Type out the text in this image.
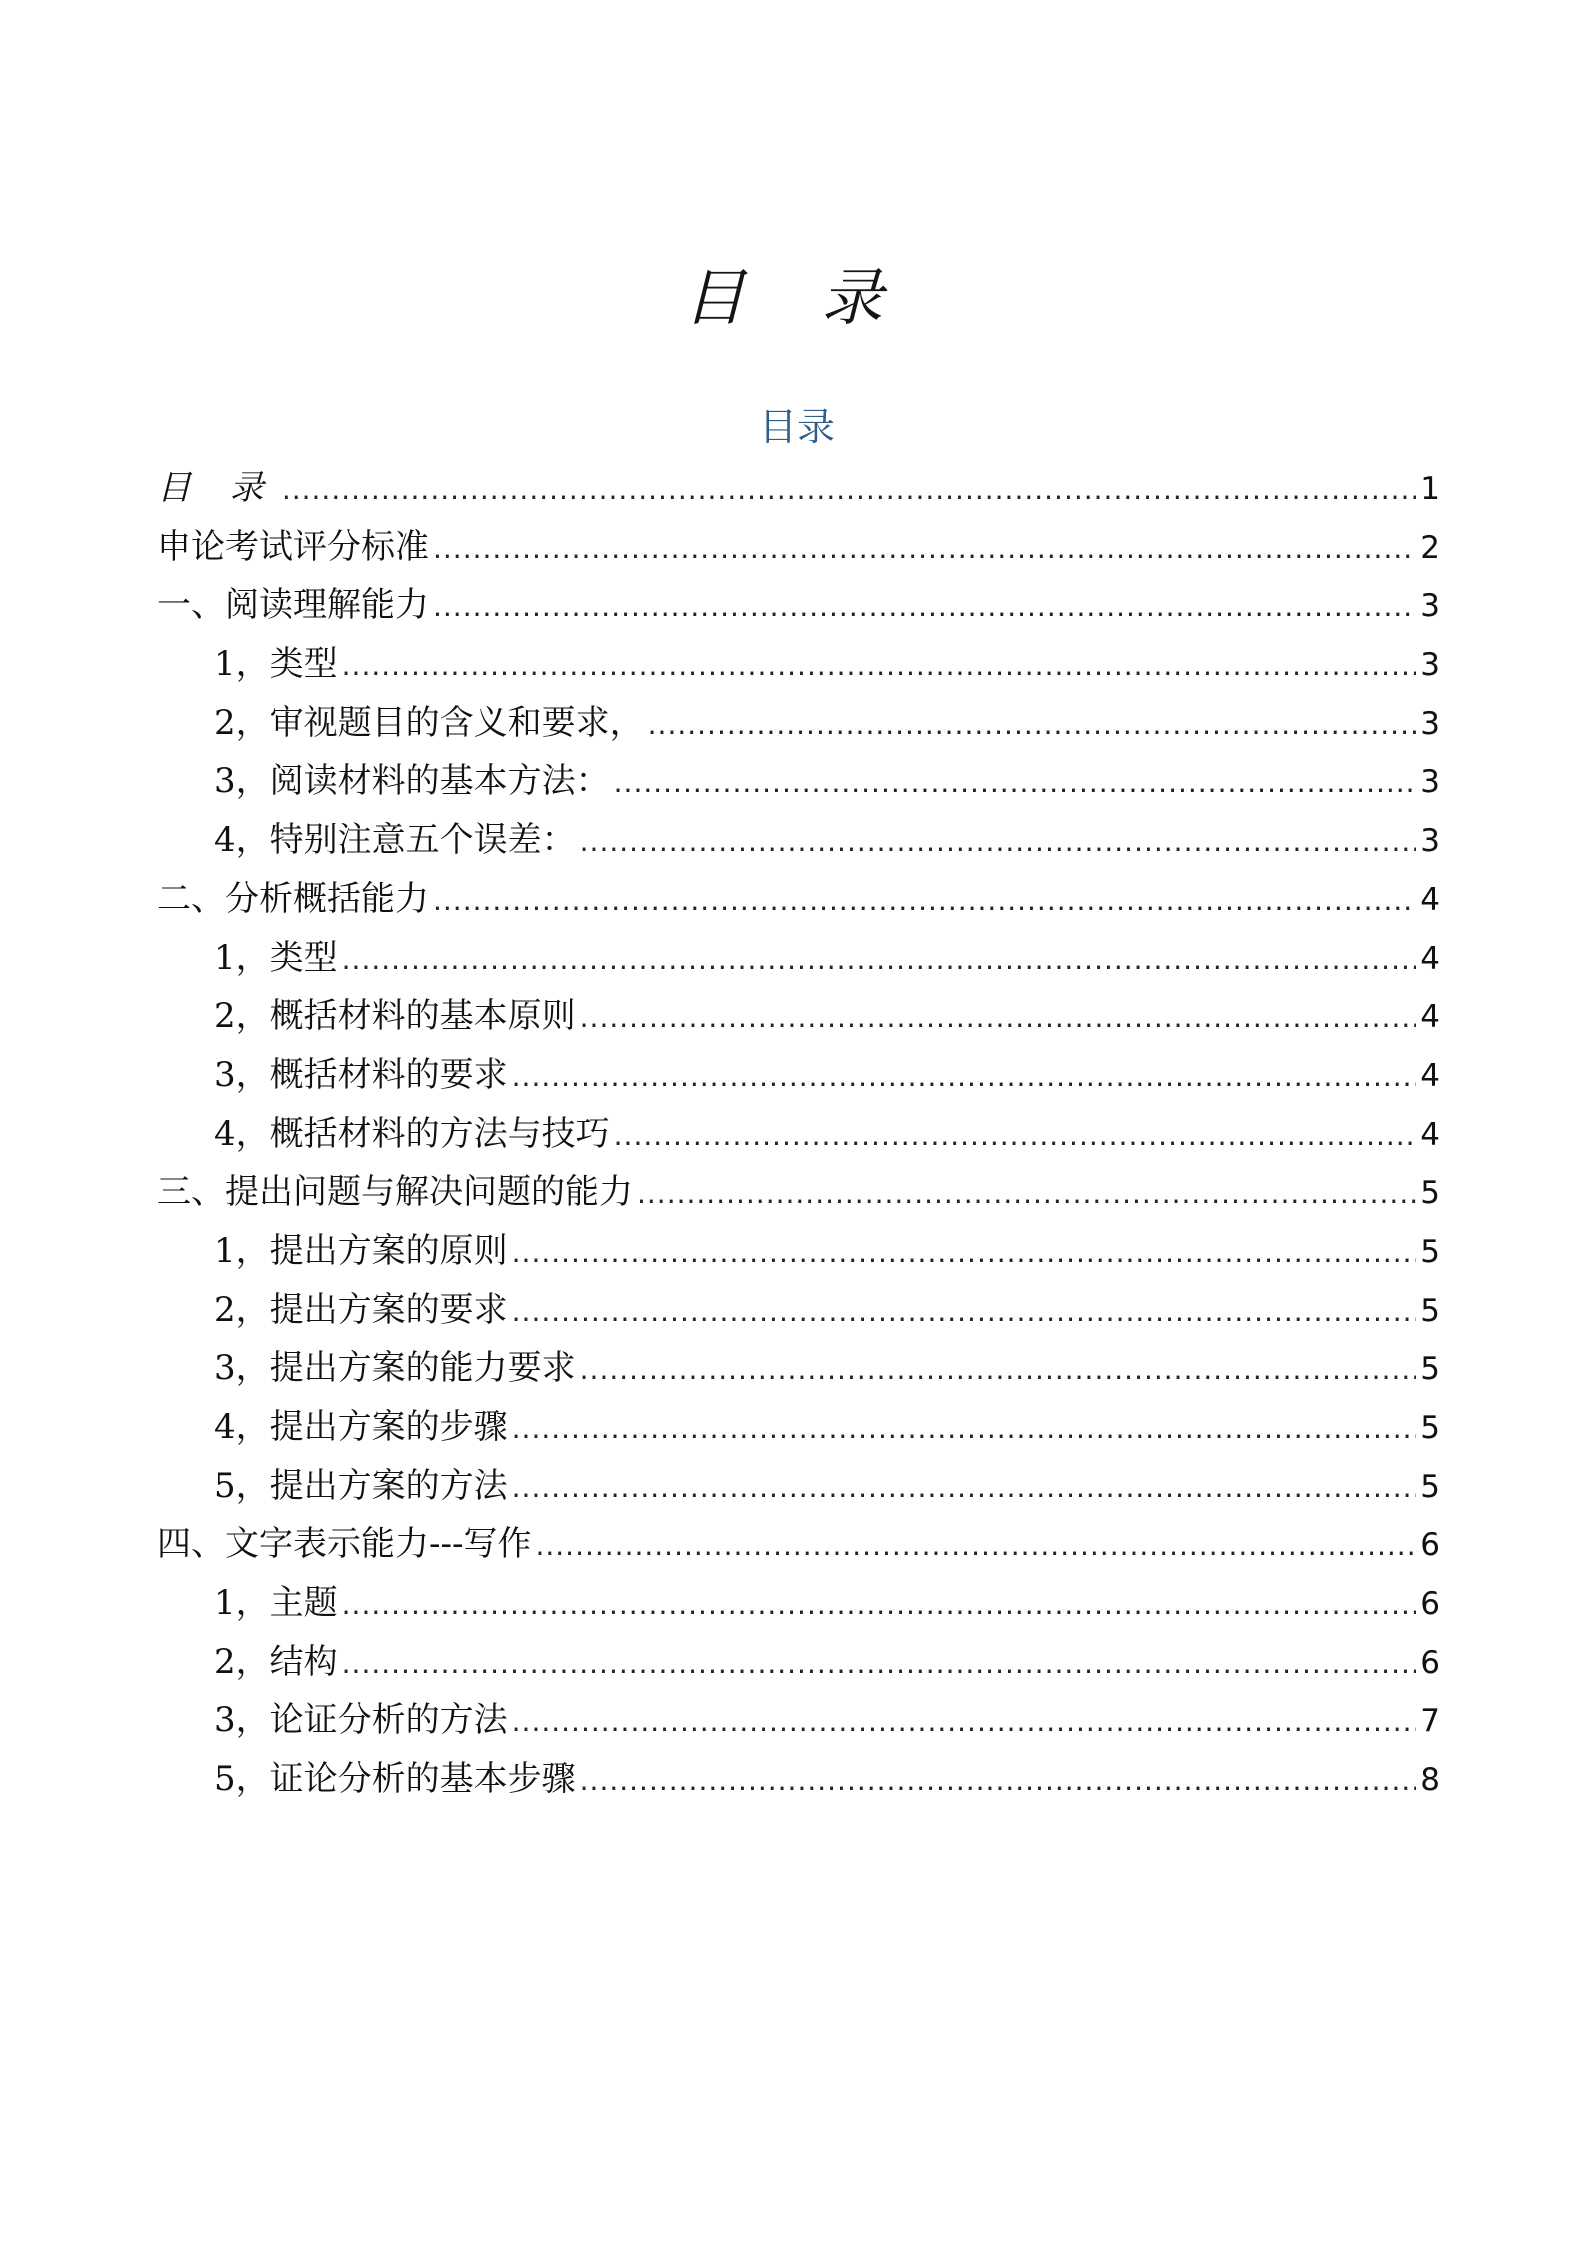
目 录
目录
目 录 .....	1
申论考试评分标准 .....	2
一、阅读理解能力 .....	3
1，类型 .....	3
2，审视题目的含义和要求， .....	3
3，阅读材料的基本方法： .....	3
4，特别注意五个误差： .....	3
二、分析概括能力 .....	4
1，类型 .....	4
2，概括材料的基本原则 .....	4
3，概括材料的要求 .....	4
4，概括材料的方法与技巧 .....	4
三、提出问题与解决问题的能力 .....	5
1，提出方案的原则 .....	5
2，提出方案的要求 .....	5
3，提出方案的能力要求 .....	5
4，提出方案的步骤 .....	5
5，提出方案的方法 .....	5
四、文字表示能力---写作 .....	6
1，主题 .....	6
2，结构 .....	6
3，论证分析的方法 .....	7
5，证论分析的基本步骤 .....	8
